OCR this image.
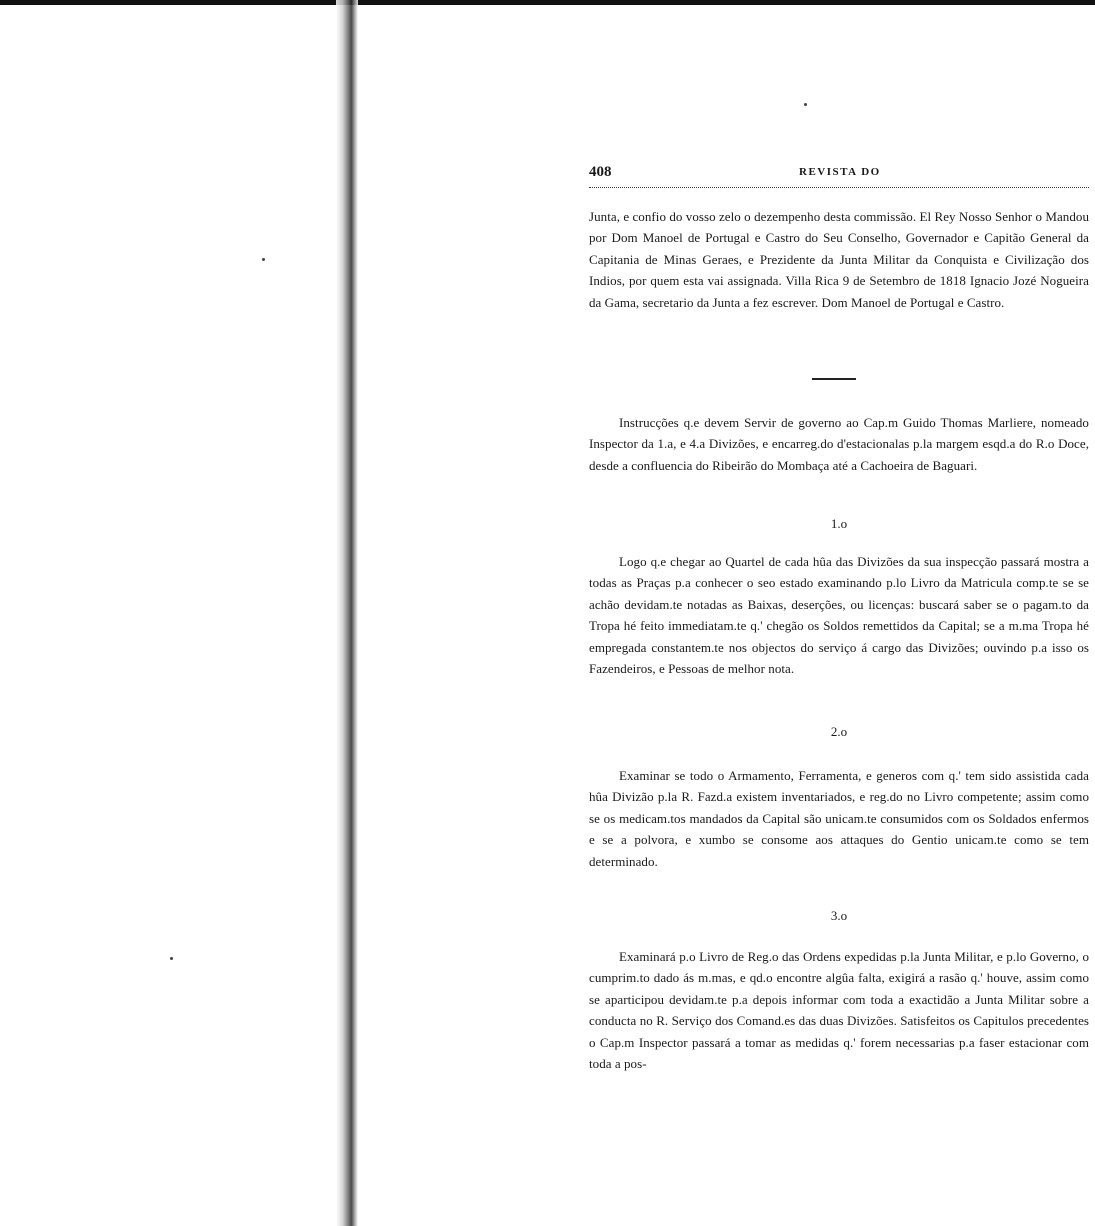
408	REVISTA DO

Junta, e confio do vosso zelo o dezempenho desta commissão. El Rey Nosso Senhor o Mandou por Dom Manoel de Portugal e Castro do Seu Conselho, Governador e Capitão General da Capitania de Minas Geraes, e Prezidente da Junta Militar da Conquista e Civilização dos Indios, por quem esta vai assignada. Villa Rica 9 de Setembro de 1818 Ignacio Jozé Nogueira da Gama, secretario da Junta a fez escrever. Dom Manoel de Portugal e Castro.

Instrucções q.e devem Servir de governo ao Cap.m Guido Thomas Marliere, nomeado Inspector da 1.a, e 4.a Divizões, e encarreg.do d'estacionalas p.la margem esqd.a do R.o Doce, desde a confluencia do Ribeirão do Mombaça até a Cachoeira de Baguari.

1.o

Logo q.e chegar ao Quartel de cada hûa das Divizões da sua inspecção passará mostra a todas as Praças p.a conhecer o seo estado examinando p.lo Livro da Matricula comp.te se se achão devidam.te notadas as Baixas, deserções, ou licenças: buscará saber se o pagam.to da Tropa hé feito immediatam.te q.' chegão os Soldos remettidos da Capital; se a m.ma Tropa hé empregada constantem.te nos objectos do serviço á cargo das Divizões; ouvindo p.a isso os Fazendeiros, e Pessoas de melhor nota.

2.o

Examinar se todo o Armamento, Ferramenta, e generos com q.' tem sido assistida cada hûa Divizão p.la R. Fazd.a existem inventariados, e reg.do no Livro competente; assim como se os medicam.tos mandados da Capital são unicam.te consumidos com os Soldados enfermos e se a polvora, e xumbo se consome aos attaques do Gentio unicam.te como se tem determinado.

3.o

Examinará p.o Livro de Reg.o das Ordens expedidas p.la Junta Militar, e p.lo Governo, o cumprim.to dado ás m.mas, e qd.o encontre algûa falta, exigirá a rasão q.' houve, assim como se aparticipou devidam.te p.a depois informar com toda a exactidão a Junta Militar sobre a conducta no R. Serviço dos Comand.es das duas Divizões. Satisfeitos os Capitulos precedentes o Cap.m Inspector passará a tomar as medidas q.' forem necessarias p.a faser estacionar com toda a pos-
